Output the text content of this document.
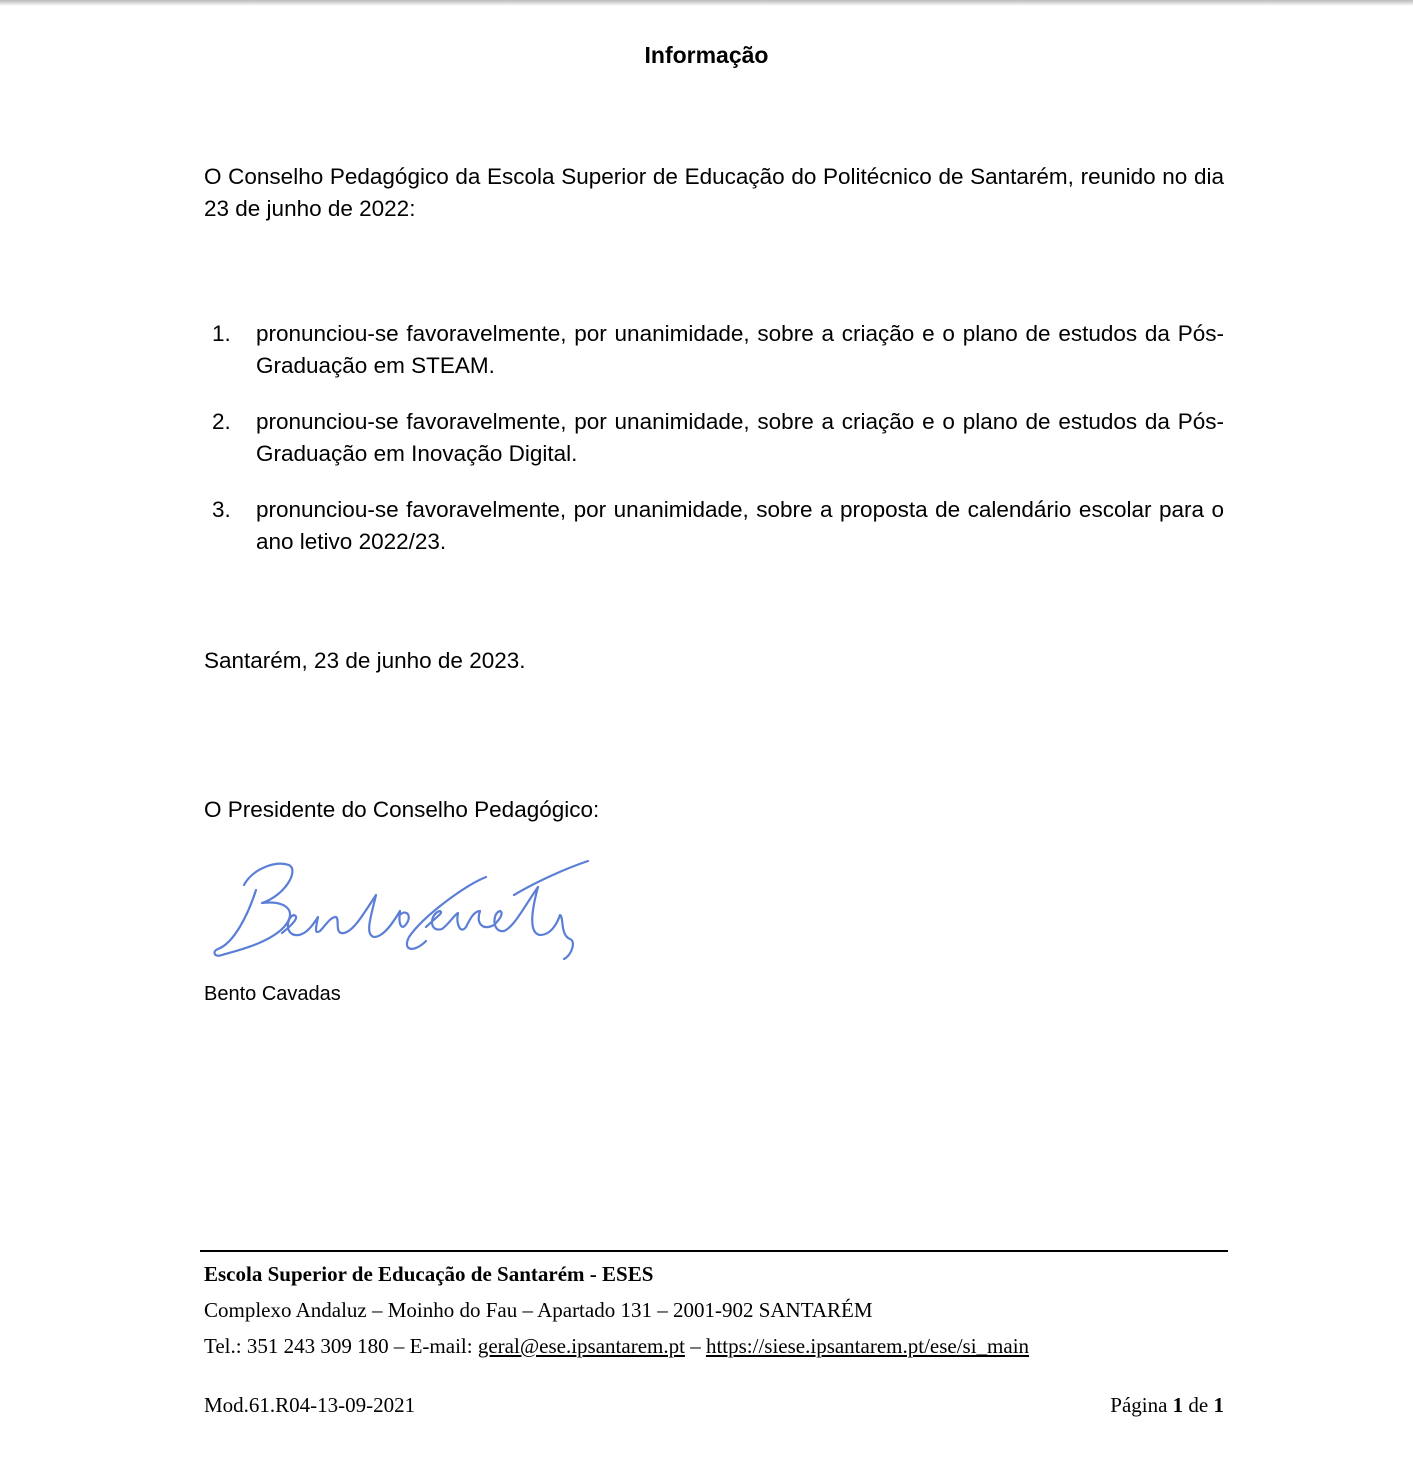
Informação
O Conselho Pedagógico da Escola Superior de Educação do Politécnico de Santarém, reunido no dia 23 de junho de 2022:
1. pronunciou-se favoravelmente, por unanimidade, sobre a criação e o plano de estudos da Pós-Graduação em STEAM.
2. pronunciou-se favoravelmente, por unanimidade, sobre a criação e o plano de estudos da Pós-Graduação em Inovação Digital.
3. pronunciou-se favoravelmente, por unanimidade, sobre a proposta de calendário escolar para o ano letivo 2022/23.
Santarém, 23 de junho de 2023.
O Presidente do Conselho Pedagógico:
Bento Cavadas
Escola Superior de Educação de Santarém - ESES
Complexo Andaluz – Moinho do Fau – Apartado 131 – 2001-902 SANTARÉM
Tel.: 351 243 309 180 – E-mail: geral@ese.ipsantarem.pt – https://siese.ipsantarem.pt/ese/si_main
Mod.61.R04-13-09-2021	Página 1 de 1
